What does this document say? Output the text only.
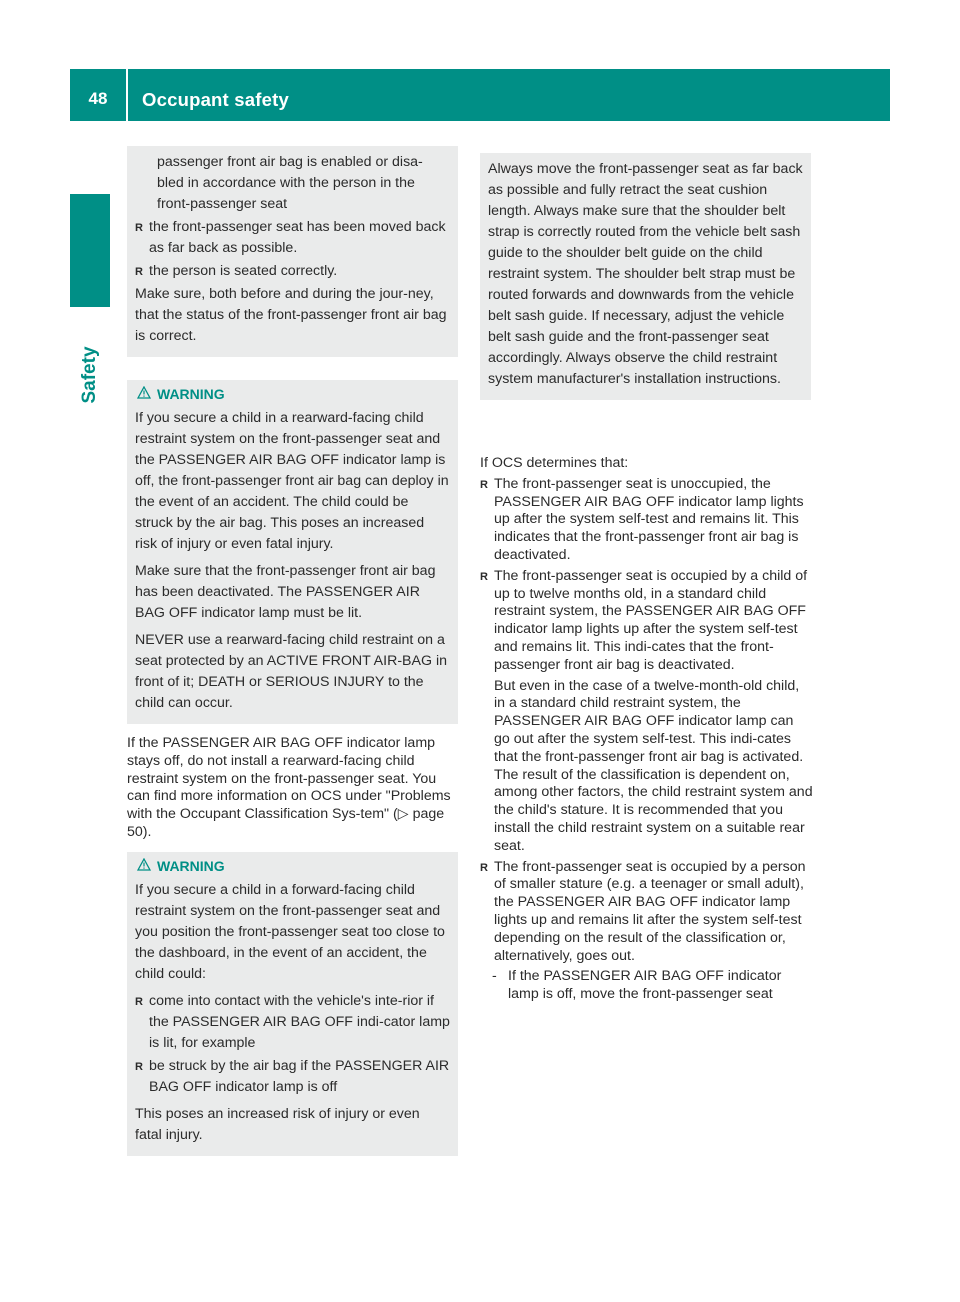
48	Occupant safety
Safety

passenger front air bag is enabled or disa-
bled in accordance with the person in the
front-passenger seat

R the front-passenger seat has been moved back as far back as possible.

R the person is seated correctly.

Make sure, both before and during the jour-ney, that the status of the front-passenger front air bag is correct.

WARNING

If you secure a child in a rearward-facing child restraint system on the front-passenger seat and the PASSENGER AIR BAG OFF indicator lamp is off, the front-passenger front air bag can deploy in the event of an accident. The child could be struck by the air bag. This poses an increased risk of injury or even fatal injury.

Make sure that the front-passenger front air bag has been deactivated. The PASSENGER AIR BAG OFF indicator lamp must be lit.

NEVER use a rearward-facing child restraint on a seat protected by an ACTIVE FRONT AIR-BAG in front of it; DEATH or SERIOUS INJURY to the child can occur.

If the PASSENGER AIR BAG OFF indicator lamp stays off, do not install a rearward-facing child restraint system on the front-passenger seat. You can find more information on OCS under "Problems with the Occupant Classification Sys-tem" (▷ page 50).

WARNING

If you secure a child in a forward-facing child restraint system on the front-passenger seat and you position the front-passenger seat too close to the dashboard, in the event of an accident, the child could:

R come into contact with the vehicle's inte-rior if the PASSENGER AIR BAG OFF indi-cator lamp is lit, for example

R be struck by the air bag if the PASSENGER AIR BAG OFF indicator lamp is off

This poses an increased risk of injury or even fatal injury.

Always move the front-passenger seat as far back as possible and fully retract the seat cushion length. Always make sure that the shoulder belt strap is correctly routed from the vehicle belt sash guide to the shoulder belt guide on the child restraint system. The shoulder belt strap must be routed forwards and downwards from the vehicle belt sash guide. If necessary, adjust the vehicle belt sash guide and the front-passenger seat accordingly. Always observe the child restraint system manufacturer's installation instructions.

If OCS determines that:

R The front-passenger seat is unoccupied, the PASSENGER AIR BAG OFF indicator lamp lights up after the system self-test and remains lit. This indicates that the front-passenger front air bag is deactivated.

R The front-passenger seat is occupied by a child of up to twelve months old, in a standard child restraint system, the PASSENGER AIR BAG OFF indicator lamp lights up after the system self-test and remains lit. This indi-cates that the front-passenger front air bag is deactivated.

But even in the case of a twelve-month-old child, in a standard child restraint system, the PASSENGER AIR BAG OFF indicator lamp can go out after the system self-test. This indi-cates that the front-passenger front air bag is activated. The result of the classification is dependent on, among other factors, the child restraint system and the child's stature. It is recommended that you install the child restraint system on a suitable rear seat.

R The front-passenger seat is occupied by a person of smaller stature (e.g. a teenager or small adult), the PASSENGER AIR BAG OFF indicator lamp lights up and remains lit after the system self-test depending on the result of the classification or, alternatively, goes out.

- If the PASSENGER AIR BAG OFF indicator lamp is off, move the front-passenger seat
